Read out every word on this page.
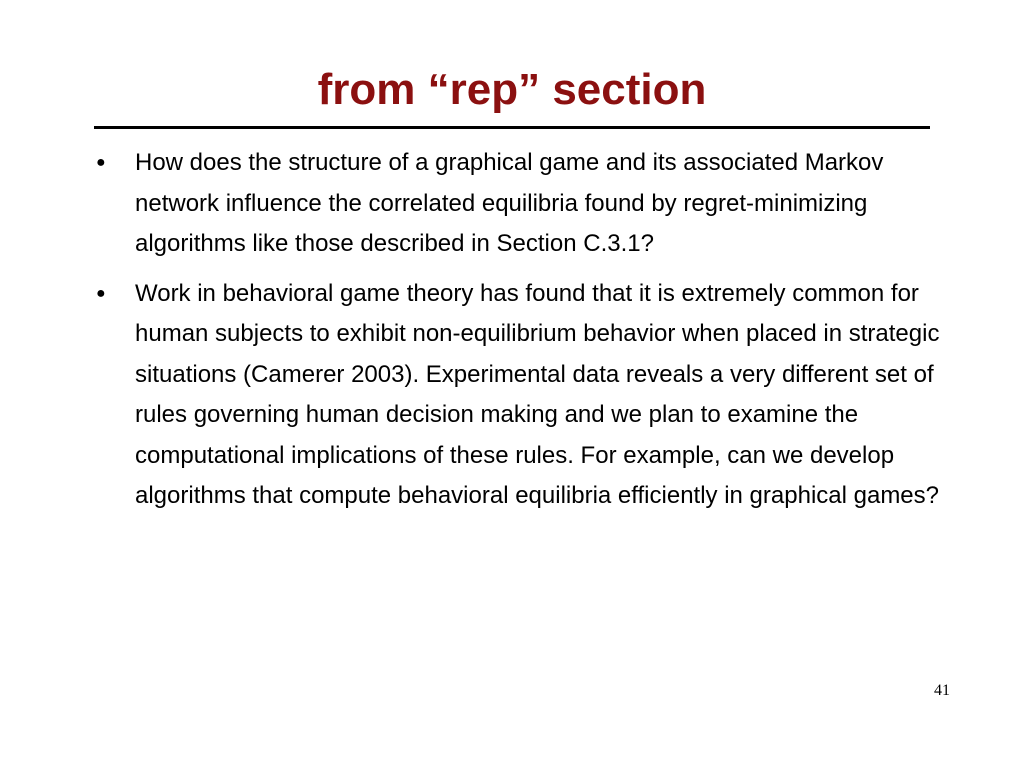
from “rep” section
● How does the structure of a graphical game and its associated Markov network influence the correlated equilibria found by regret-minimizing algorithms like those described in Section C.3.1?
● Work in behavioral game theory has found that it is extremely common for human subjects to exhibit non-equilibrium behavior when placed in strategic situations (Camerer 2003). Experimental data reveals a very different set of rules governing human decision making and we plan to examine the computational implications of these rules. For example, can we develop algorithms that compute behavioral equilibria efficiently in graphical games?
41
